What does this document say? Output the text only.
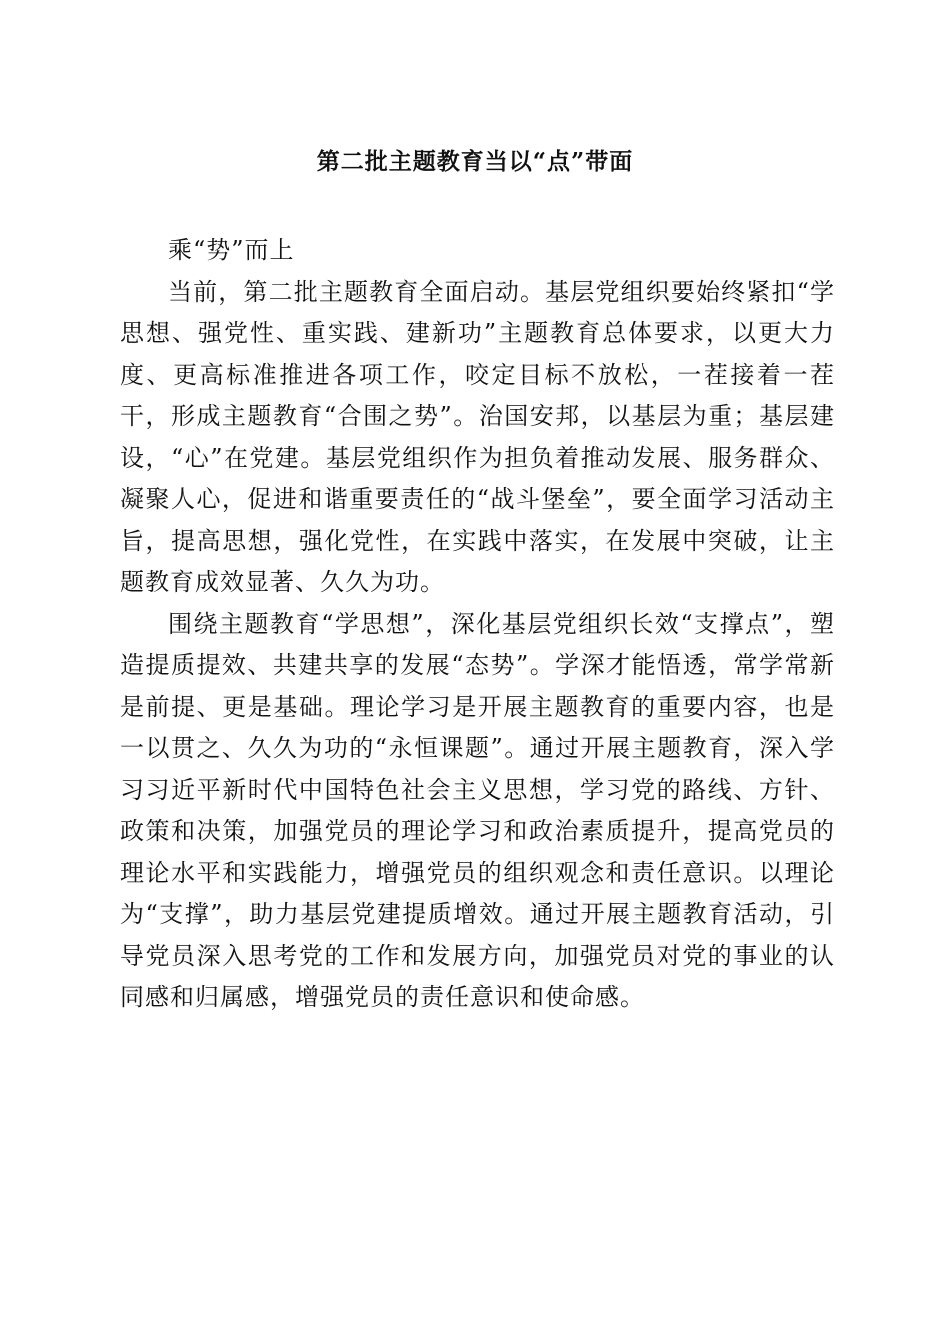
第二批主题教育当以“点”带面

乘“势”而上

当前，第二批主题教育全面启动。基层党组织要始终紧扣“学思想、强党性、重实践、建新功”主题教育总体要求，以更大力度、更高标准推进各项工作，咬定目标不放松，一茬接着一茬干，形成主题教育“合围之势”。治国安邦，以基层为重；基层建设，“心”在党建。基层党组织作为担负着推动发展、服务群众、凝聚人心，促进和谐重要责任的“战斗堡垒”，要全面学习活动主旨，提高思想，强化党性，在实践中落实，在发展中突破，让主题教育成效显著、久久为功。

围绕主题教育“学思想”，深化基层党组织长效“支撑点”，塑造提质提效、共建共享的发展“态势”。学深才能悟透，常学常新是前提、更是基础。理论学习是开展主题教育的重要内容，也是一以贯之、久久为功的“永恒课题”。通过开展主题教育，深入学习习近平新时代中国特色社会主义思想，学习党的路线、方针、政策和决策，加强党员的理论学习和政治素质提升，提高党员的理论水平和实践能力，增强党员的组织观念和责任意识。以理论为“支撑”，助力基层党建提质增效。通过开展主题教育活动，引导党员深入思考党的工作和发展方向，加强党员对党的事业的认同感和归属感，增强党员的责任意识和使命感。
